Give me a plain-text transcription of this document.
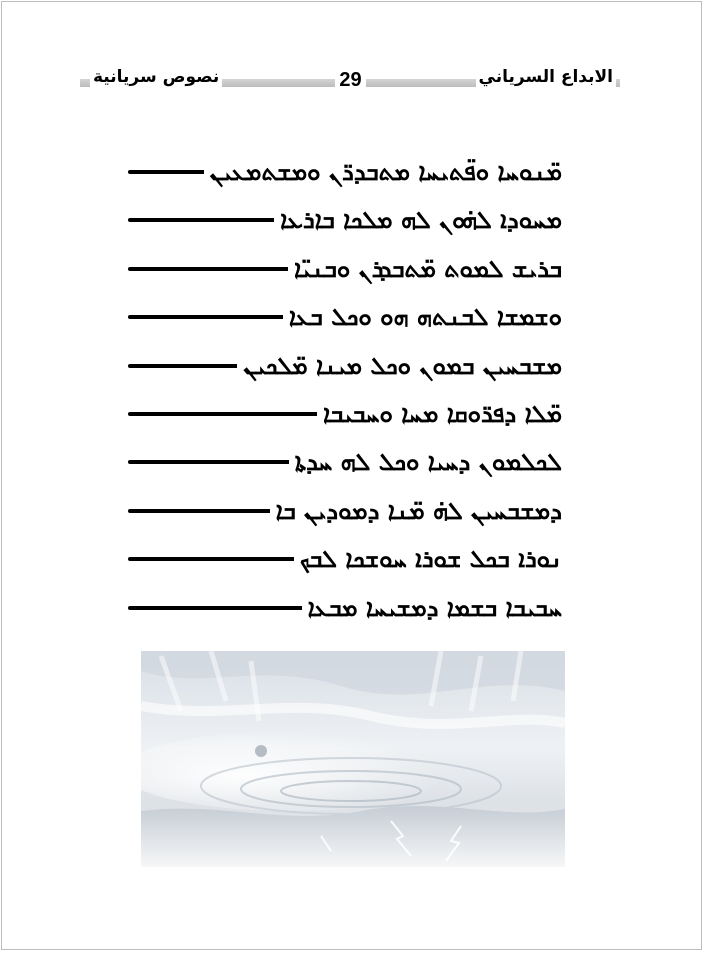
نصوص سريانية	29	الابداع السرياني
ܡ̈ܢܘܚܐ ܘܦ̈ܬܝܚܐ ܡܬܒܕܪ̈ܢ ܘܡܫܬܡܥܝܢ
ܡܚܘܕܐ ܠܗ̇ܘܢ ܠܗ ܡܠܟܐ ܒܐܪܥܐ
ܒܪܝܫ ܠܡܘܬ ܡ̈ܬܒܕܪܢ ܘܒܢܝ̈ܐ
ܘܫܡܫܐ ܠܒܢܬܗ ܗܘ ܘܟܠ ܒܥܐ
ܡܫܒܚܝܢ ܒܡܘܢ ܘܟܠ ܡܝܢܐ ܡ̈ܠܟܝܢ
ܡ̈ܠܐ ܕܦܪ̈ܘܩܐ ܡܚܐ ܘܚܒܝܒܐ
ܠܟܠܡܘܢ ܕܚܝܐ ܘܟܠ ܠܗ ܚܕܬܐ
ܕܡܫܒܚܝܢ ܠܗ̇ ܡ̈ܢܐ ܕܡܘܕܝܢ ܒܐ
ܢܘܪܐ ܒܟܠ ܫܘܪܐ ܚܘܫܟܐ ܠܒܟ
ܚܒܝܒܐ ܒܫܡܐ ܕܡܫܝܚܐ ܡܒܥܐ
